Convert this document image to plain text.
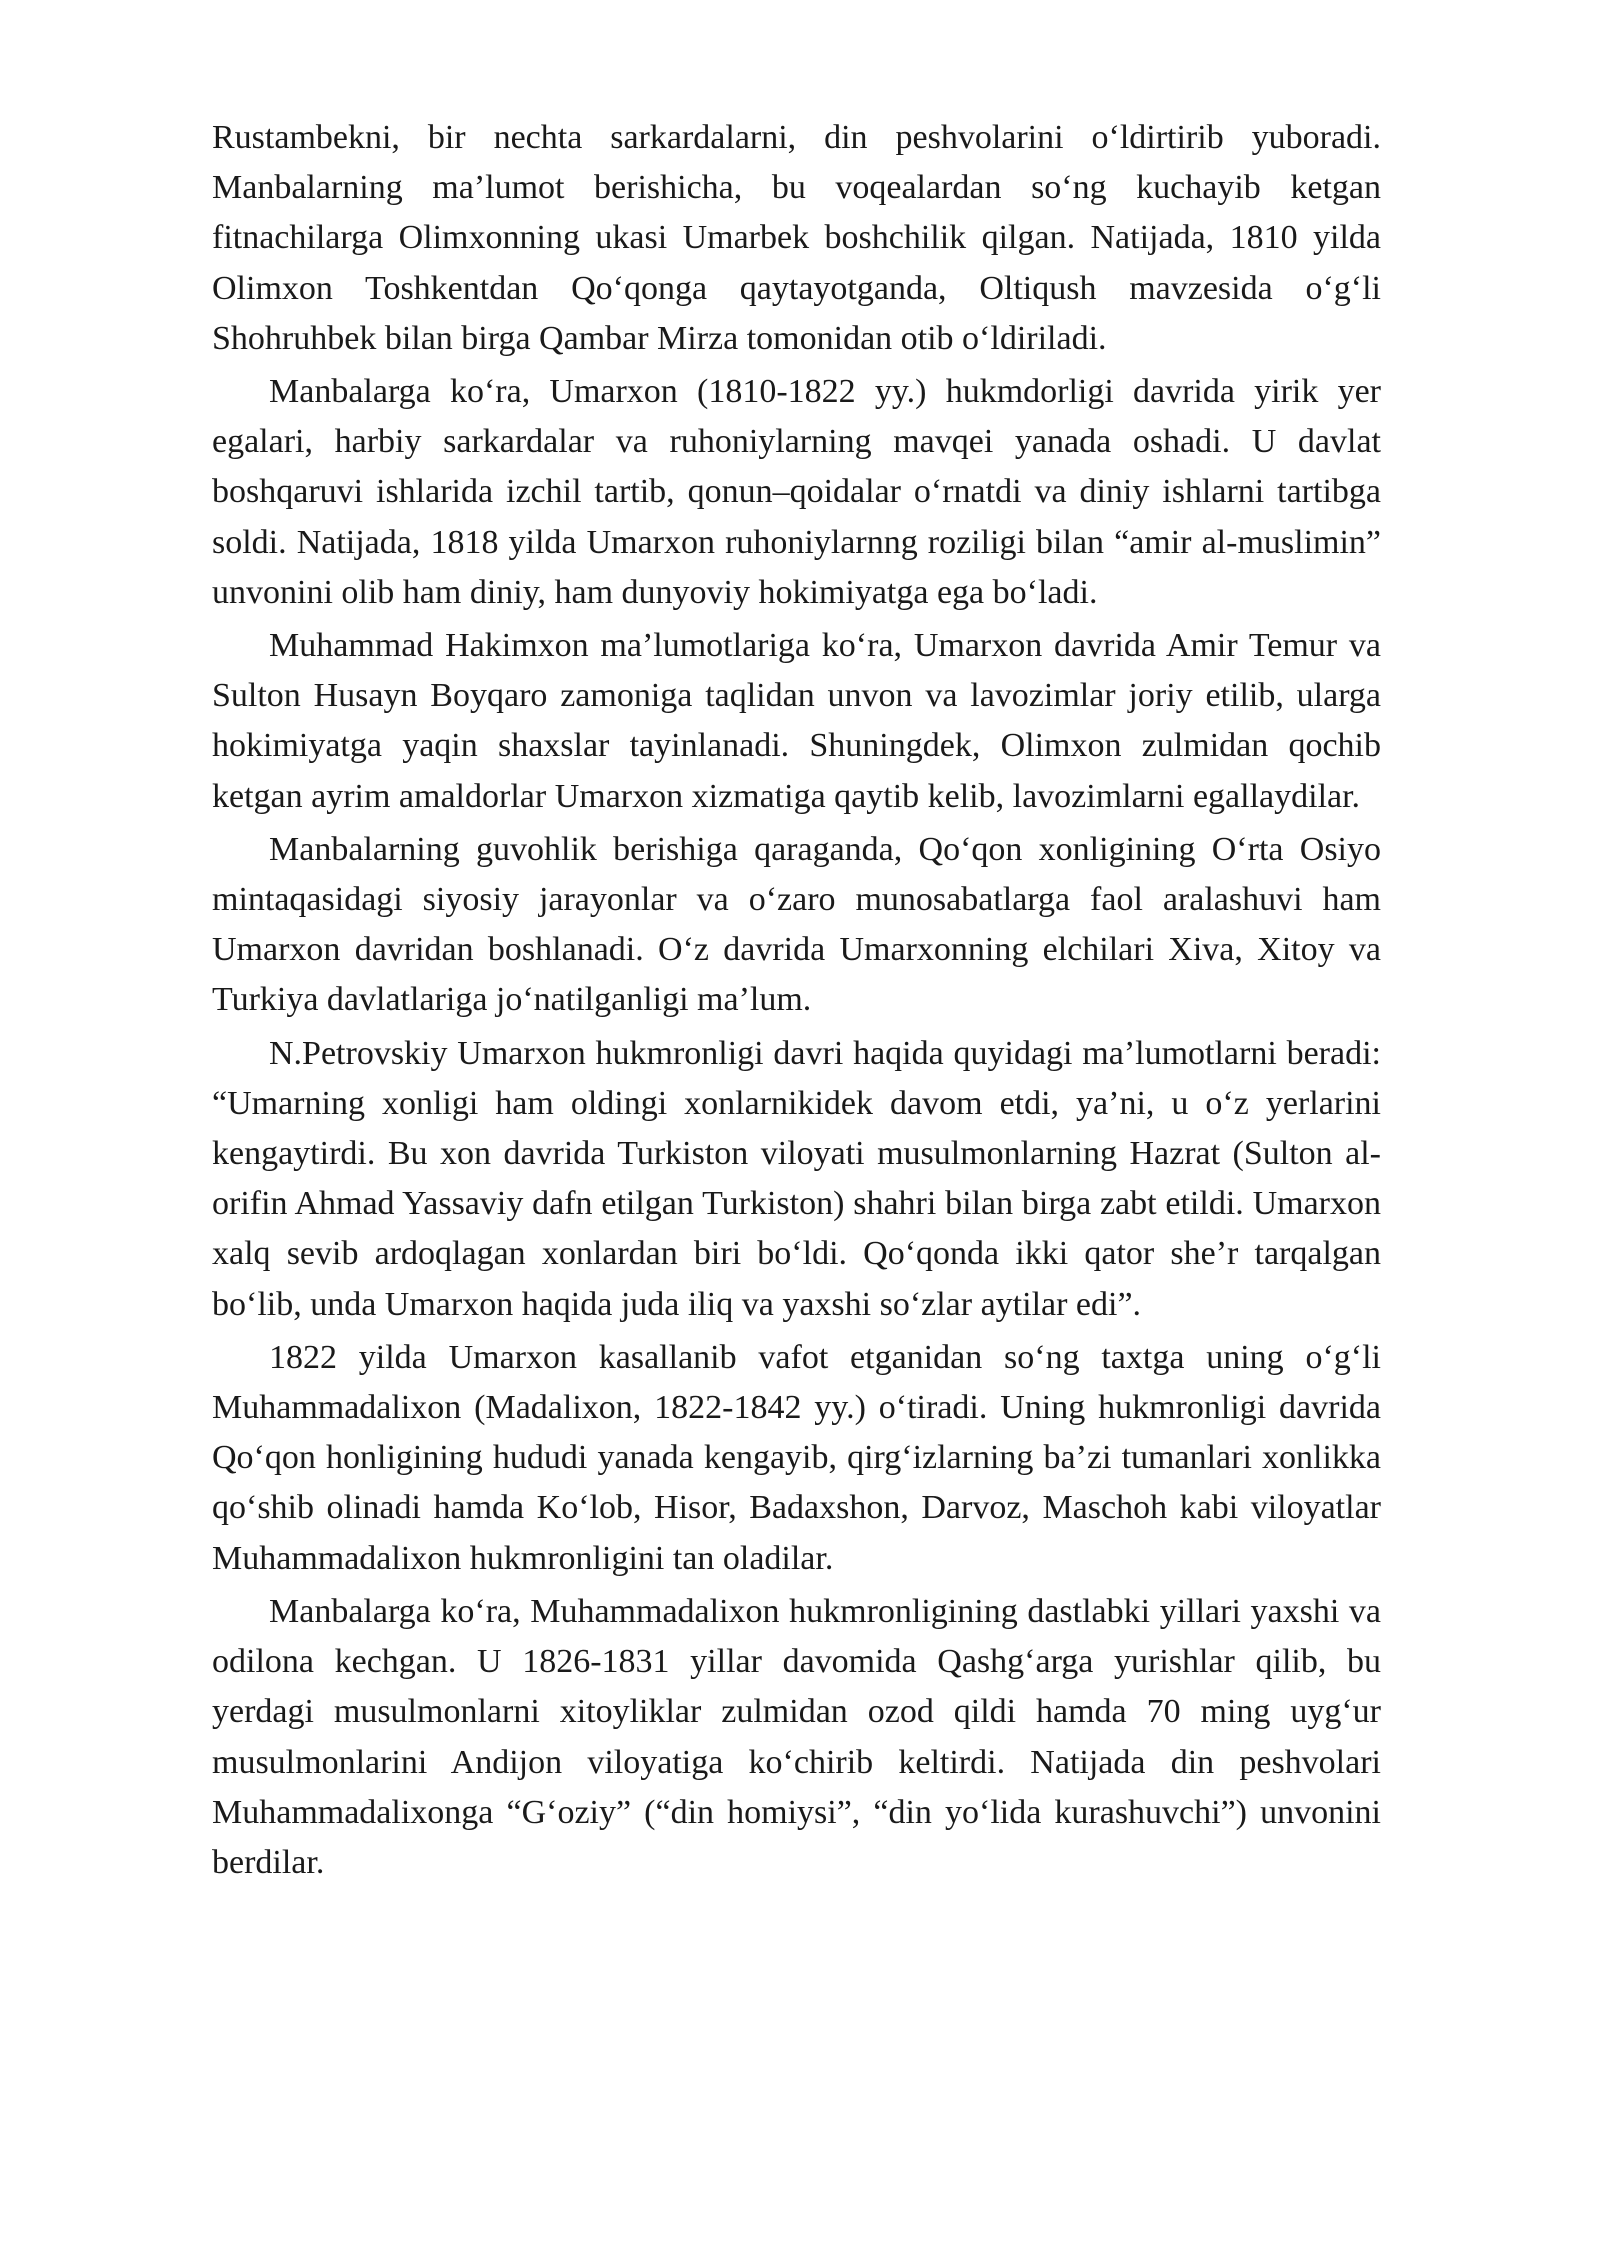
Rustambekni, bir nechta sarkardalarni, din peshvolarini o‘ldirtirib yuboradi. Manbalarning ma’lumot berishicha, bu voqealardan so‘ng kuchayib ketgan fitnachilarga Olimxonning ukasi Umarbek boshchilik qilgan. Natijada, 1810 yilda Olimxon Toshkentdan Qo‘qonga qaytayotganda, Oltiqush mavzesida o‘g‘li Shohruhbek bilan birga Qambar Mirza tomonidan otib o‘ldiriladi.

Manbalarga ko‘ra, Umarxon (1810-1822 yy.) hukmdorligi davrida yirik yer egalari, harbiy sarkardalar va ruhoniylarning mavqei yanada oshadi. U davlat boshqaruvi ishlarida izchil tartib, qonun–qoidalar o‘rnatdi va diniy ishlarni tartibga soldi. Natijada, 1818 yilda Umarxon ruhoniylarnng roziligi bilan “amir al-muslimin” unvonini olib ham diniy, ham dunyoviy hokimiyatga ega bo‘ladi.

Muhammad Hakimxon ma’lumotlariga ko‘ra, Umarxon davrida Amir Temur va Sulton Husayn Boyqaro zamoniga taqlidan unvon va lavozimlar joriy etilib, ularga hokimiyatga yaqin shaxslar tayinlanadi. Shuningdek, Olimxon zulmidan qochib ketgan ayrim amaldorlar Umarxon xizmatiga qaytib kelib, lavozimlarni egallaydilar.

Manbalarning guvohlik berishiga qaraganda, Qo‘qon xonligining O‘rta Osiyo mintaqasidagi siyosiy jarayonlar va o‘zaro munosabatlarga faol aralashuvi ham Umarxon davridan boshlanadi. O‘z davrida Umarxonning elchilari Xiva, Xitoy va Turkiya davlatlariga jo‘natilganligi ma’lum.

N.Petrovskiy Umarxon hukmronligi davri haqida quyidagi ma’lumotlarni beradi: “Umarning xonligi ham oldingi xonlarnikidek davom etdi, ya’ni, u o‘z yerlarini kengaytirdi. Bu xon davrida Turkiston viloyati musulmonlarning Hazrat (Sulton al-orifin Ahmad Yassaviy dafn etilgan Turkiston) shahri bilan birga zabt etildi. Umarxon xalq sevib ardoqlagan xonlardan biri bo‘ldi. Qo‘qonda ikki qator she’r tarqalgan bo‘lib, unda Umarxon haqida juda iliq va yaxshi so‘zlar aytilar edi”.

1822 yilda Umarxon kasallanib vafot etganidan so‘ng taxtga uning o‘g‘li Muhammadalixon (Madalixon, 1822-1842 yy.) o‘tiradi. Uning hukmronligi davrida Qo‘qon honligining hududi yanada kengayib, qirg‘izlarning ba’zi tumanlari xonlikka qo‘shib olinadi hamda Ko‘lob, Hisor, Badaxshon, Darvoz, Maschoh kabi viloyatlar Muhammadalixon hukmronligini tan oladilar.

Manbalarga ko‘ra, Muhammadalixon hukmronligining dastlabki yillari yaxshi va odilona kechgan. U 1826-1831 yillar davomida Qashg‘arga yurishlar qilib, bu yerdagi musulmonlarni xitoyliklar zulmidan ozod qildi hamda 70 ming uyg‘ur musulmonlarini Andijon viloyatiga ko‘chirib keltirdi. Natijada din peshvolari Muhammadalixonga “G‘oziy” (“din homiysi”, “din yo‘lida kurashuvchi”) unvonini berdilar.
